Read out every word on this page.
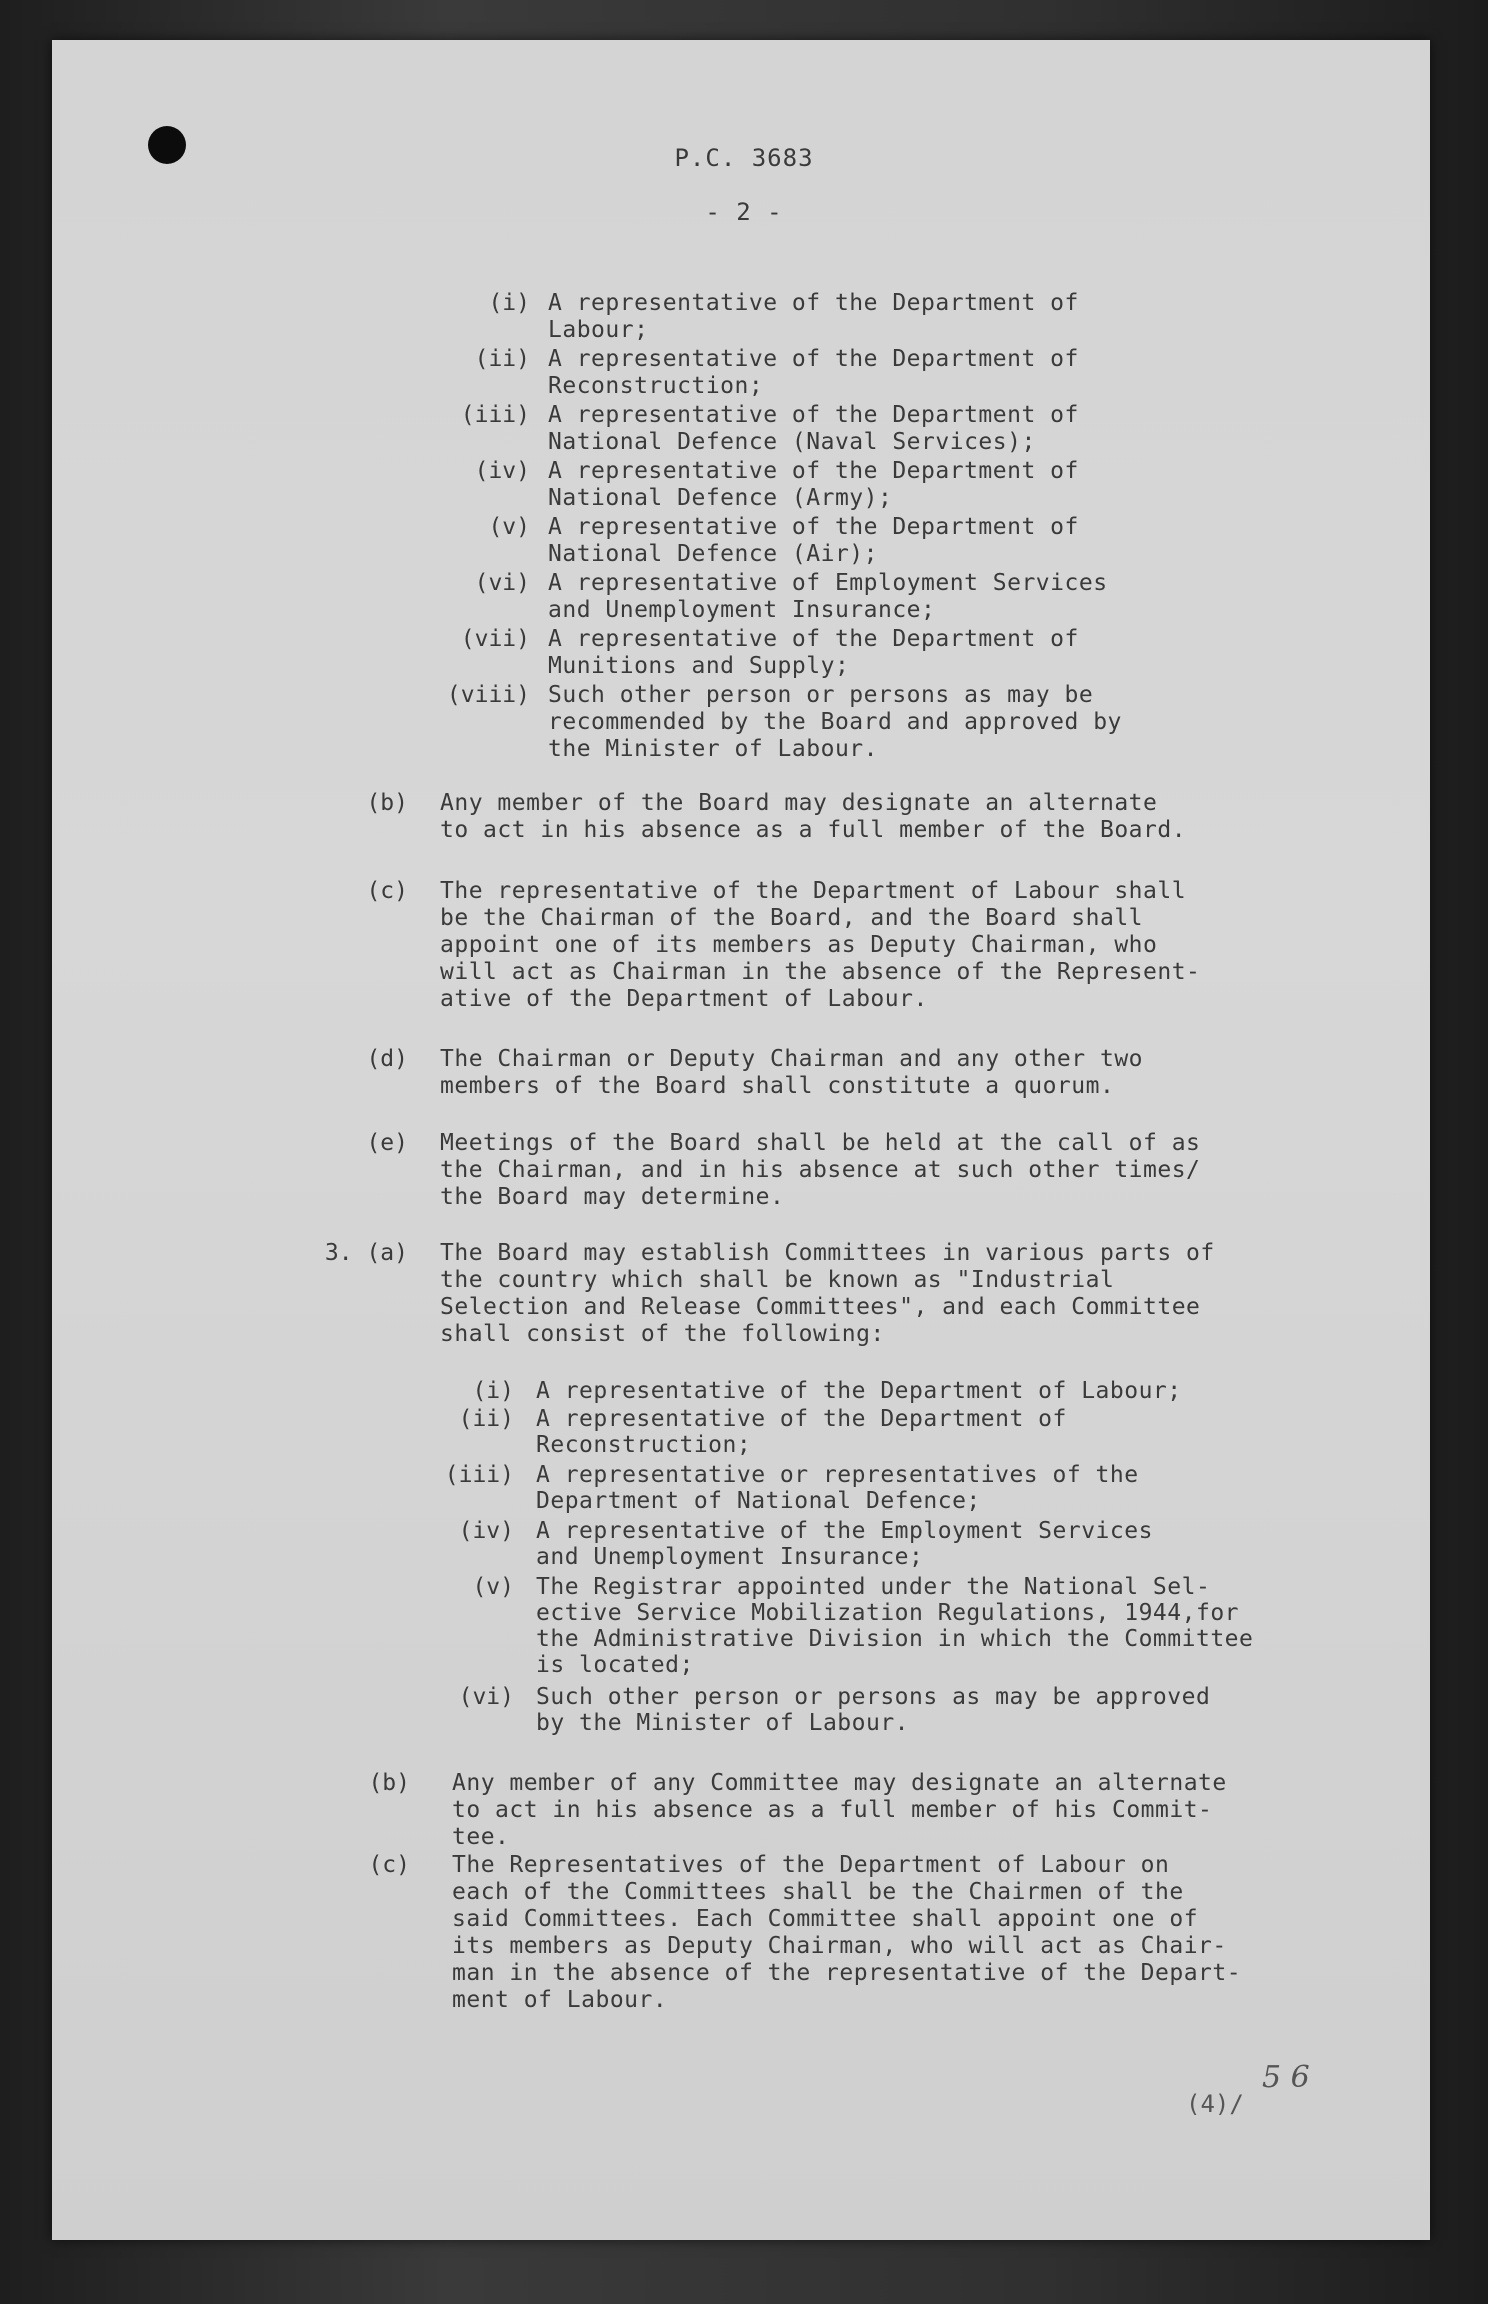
P.C. 3683
- 2 -
(i) A representative of the Department of
Labour;
(ii) A representative of the Department of
Reconstruction;
(iii) A representative of the Department of
National Defence (Naval Services);
(iv) A representative of the Department of
National Defence (Army);
(v) A representative of the Department of
National Defence (Air);
(vi) A representative of Employment Services
and Unemployment Insurance;
(vii) A representative of the Department of
Munitions and Supply;
(viii) Such other person or persons as may be
recommended by the Board and approved by
the Minister of Labour.
(b) Any member of the Board may designate an alternate
to act in his absence as a full member of the Board.
(c) The representative of the Department of Labour shall
be the Chairman of the Board, and the Board shall
appoint one of its members as Deputy Chairman, who
will act as Chairman in the absence of the Represent-
ative of the Department of Labour.
(d) The Chairman or Deputy Chairman and any other two
members of the Board shall constitute a quorum.
(e) Meetings of the Board shall be held at the call of as
the Chairman, and in his absence at such other times/
the Board may determine.
3. (a) The Board may establish Committees in various parts of
the country which shall be known as "Industrial
Selection and Release Committees", and each Committee
shall consist of the following:
(i) A representative of the Department of Labour;
(ii) A representative of the Department of
Reconstruction;
(iii) A representative or representatives of the
Department of National Defence;
(iv) A representative of the Employment Services
and Unemployment Insurance;
(v) The Registrar appointed under the National Sel-
ective Service Mobilization Regulations, 1944,for
the Administrative Division in which the Committee
is located;
(vi) Such other person or persons as may be approved
by the Minister of Labour.
(b) Any member of any Committee may designate an alternate
to act in his absence as a full member of his Commit-
tee.
(c) The Representatives of the Department of Labour on
each of the Committees shall be the Chairmen of the
said Committees. Each Committee shall appoint one of
its members as Deputy Chairman, who will act as Chair-
man in the absence of the representative of the Depart-
ment of Labour.
(4)/
5 6
